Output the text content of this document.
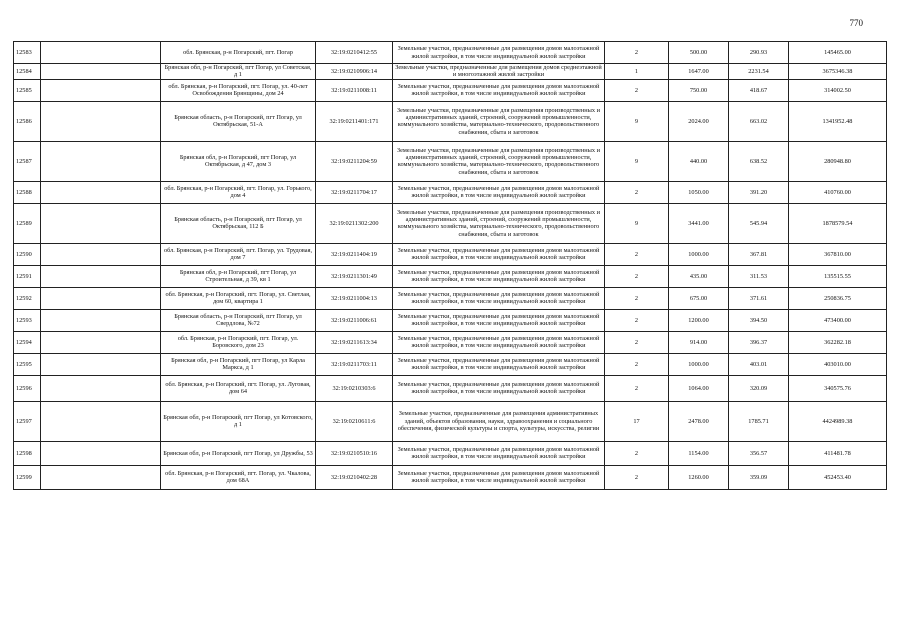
770
12583		обл. Брянская, р-н Погарский, пгт. Погар	32:19:0210412:55	Земельные участки, предназначенные для размещения домов малоэтажной жилой застройки, в том числе индивидуальной жилой застройки	2	500.00	290.93	145465.00
12584		Брянская обл, р-н Погарский, пгт Погар, ул Советская, д 1	32:19:0210906:14	Земельные участки, предназначенные для размещения домов среднеэтажной и многоэтажной жилой застройки	1	1647.00	2231.54	3675346.38
12585		обл. Брянская, р-н Погарский, пгт. Погар, ул. 40-лет Освобождения Брянщины, дом 24	32:19:0211008:11	Земельные участки, предназначенные для размещения домов малоэтажной жилой застройки, в том числе индивидуальной жилой застройки	2	750.00	418.67	314002.50
12586		Брянская область, р-н Погарский, пгт Погар, ул Октябрьская, 51-А	32:19:0211401:171	Земельные участки, предназначенные для размещения производственных и административных зданий, строений, сооружений промышленности, коммунального хозяйства, материально-технического, продовольственного снабжения, сбыта и заготовок	9	2024.00	663.02	1341952.48
12587		Брянская обл, р-н Погарский, пгт Погар, ул Октябрьская, д 47, дом 3	32:19:0211204:59	Земельные участки, предназначенные для размещения производственных и административных зданий, строений, сооружений промышленности, коммунального хозяйства, материально-технического, продовольственного снабжения, сбыта и заготовок	9	440.00	638.52	280948.80
12588		обл. Брянская, р-н Погарский, пгт. Погар, ул. Горького, дом 4	32:19:0211704:17	Земельные участки, предназначенные для размещения домов малоэтажной жилой застройки, в том числе индивидуальной жилой застройки	2	1050.00	391.20	410760.00
12589		Брянская область, р-н Погарский, пгт Погар, ул Октябрьская, 112 Б	32:19:0211302:200	Земельные участки, предназначенные для размещения производственных и административных зданий, строений, сооружений промышленности, коммунального хозяйства, материально-технического, продовольственного снабжения, сбыта и заготовок	9	3441.00	545.94	1878579.54
12590		обл. Брянская, р-н Погарский, пгт. Погар, ул. Трудовая, дом 7	32:19:0211404:19	Земельные участки, предназначенные для размещения домов малоэтажной жилой застройки, в том числе индивидуальной жилой застройки	2	1000.00	367.81	367810.00
12591		Брянская обл, р-н Погарский, пгт Погар, ул Строительная, д 39, кв 1	32:19:0211301:49	Земельные участки, предназначенные для размещения домов малоэтажной жилой застройки, в том числе индивидуальной жилой застройки	2	435.00	311.53	135515.55
12592		обл. Брянская, р-н Погарский, пгт. Погар, ул. Светлая, дом 60, квартира 1	32:19:0211004:13	Земельные участки, предназначенные для размещения домов малоэтажной жилой застройки, в том числе индивидуальной жилой застройки	2	675.00	371.61	250836.75
12593		Брянская область, р-н Погарский, пгт Погар, ул Свердлова, №72	32:19:0211006:61	Земельные участки, предназначенные для размещения домов малоэтажной жилой застройки, в том числе индивидуальной жилой застройки	2	1200.00	394.50	473400.00
12594		обл. Брянская, р-н Погарский, пгт. Погар, ул. Боровского, дом 23	32:19:0211613:34	Земельные участки, предназначенные для размещения домов малоэтажной жилой застройки, в том числе индивидуальной жилой застройки	2	914.00	396.37	362282.18
12595		Брянская обл, р-н Погарский, пгт Погар, ул Карла Маркса, д 1	32:19:0211703:11	Земельные участки, предназначенные для размещения домов малоэтажной жилой застройки, в том числе индивидуальной жилой застройки	2	1000.00	403.01	403010.00
12596		обл. Брянская, р-н Погарский, пгт. Погар, ул. Луговая, дом 64	32:19:0210303:6	Земельные участки, предназначенные для размещения домов малоэтажной жилой застройки, в том числе индивидуальной жилой застройки	2	1064.00	320.09	340575.76
12597		Брянская обл, р-н Погарский, пгт Погар, ул Котовского, д 1	32:19:0210611:6	Земельные участки, предназначенные для размещения административных зданий, объектов образования, науки, здравоохранения и социального обеспечения, физической культуры и спорта, культуры, искусства, религии	17	2478.00	1785.71	4424989.38
12598		Брянская обл, р-н Погарский, пгт Погар, ул Дружбы, 53	32:19:0210510:16	Земельные участки, предназначенные для размещения домов малоэтажной жилой застройки, в том числе индивидуальной жилой застройки	2	1154.00	356.57	411481.78
12599		обл. Брянская, р-н Погарский, пгт. Погар, ул. Чкалова, дом 68А	32:19:0210402:28	Земельные участки, предназначенные для размещения домов малоэтажной жилой застройки, в том числе индивидуальной жилой застройки	2	1260.00	359.09	452453.40
